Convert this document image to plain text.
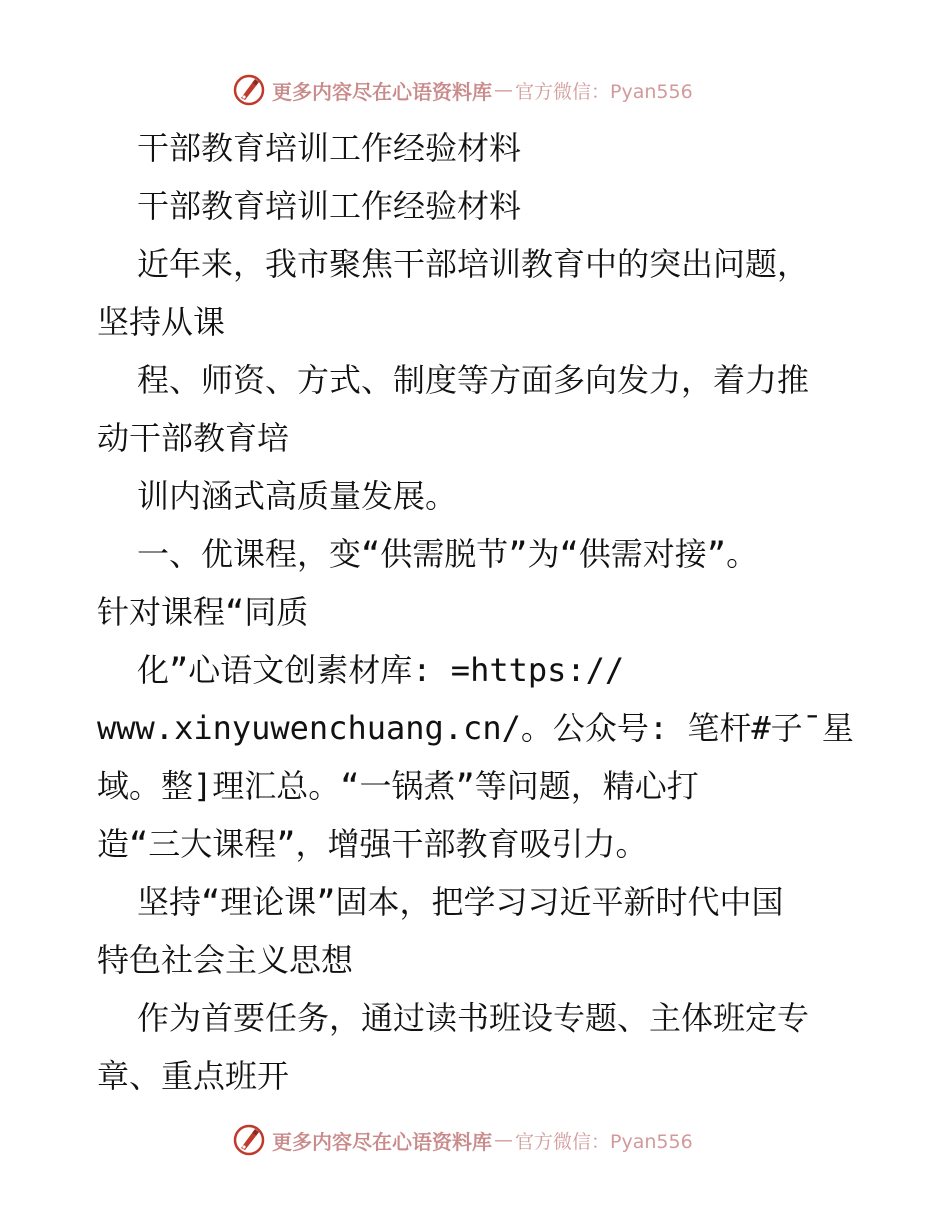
更多内容尽在心语资料库 — 官方微信：Pyan556
干部教育培训工作经验材料
干部教育培训工作经验材料
近年来，我市聚焦干部培训教育中的突出问题，
坚持从课
程、师资、方式、制度等方面多向发力，着力推
动干部教育培
训内涵式高质量发展。
一、优课程，变“供需脱节”为“供需对接”。
针对课程“同质
化”心语文创素材库: =https://
www.xinyuwenchuang.cn/。公众号: 笔杆#子¯星
域。整]理汇总。“一锅煮”等问题，精心打
造“三大课程”，增强干部教育吸引力。
坚持“理论课”固本，把学习习近平新时代中国
特色社会主义思想
作为首要任务，通过读书班设专题、主体班定专
章、重点班开
更多内容尽在心语资料库 — 官方微信：Pyan556
